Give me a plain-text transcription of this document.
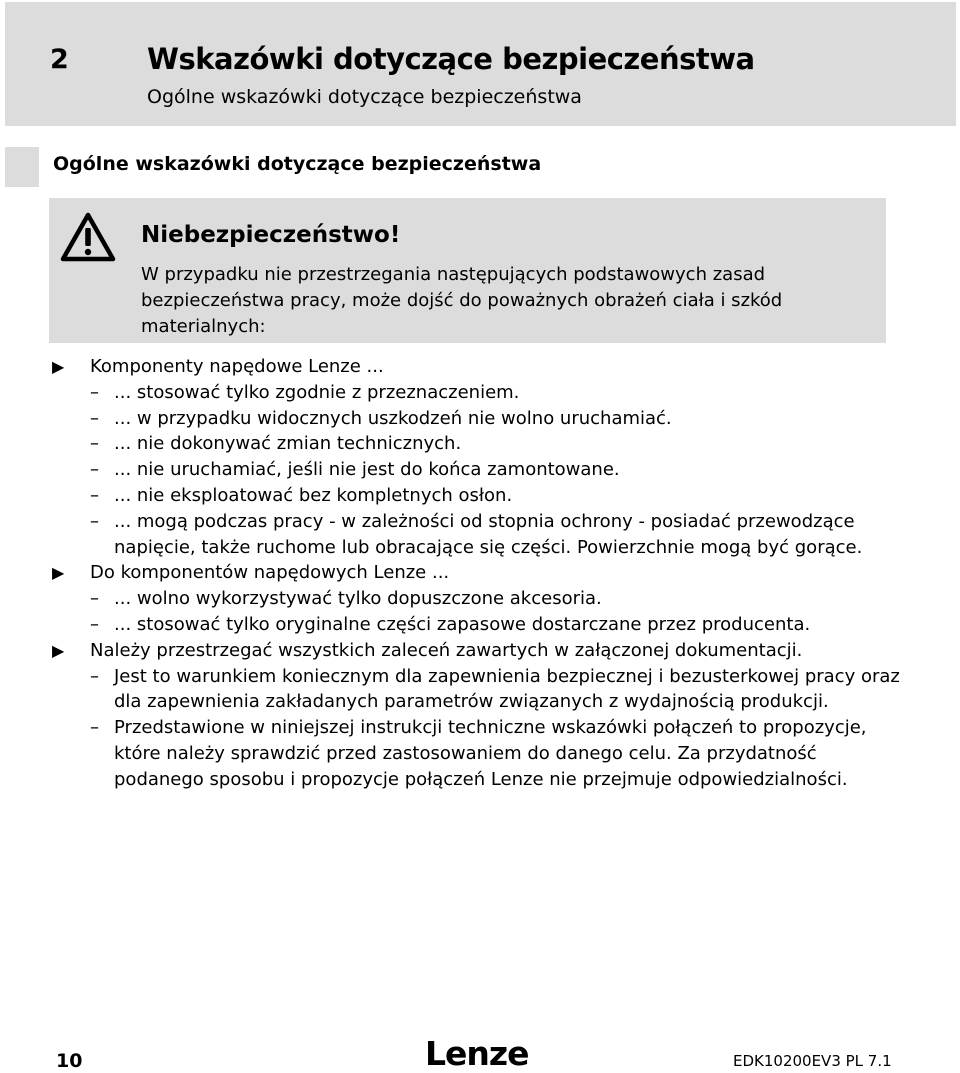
2	Wskazówki dotyczące bezpieczeństwa
Ogólne wskazówki dotyczące bezpieczeństwa
Ogólne wskazówki dotyczące bezpieczeństwa
Niebezpieczeństwo!
W przypadku nie przestrzegania następujących podstawowych zasad bezpieczeństwa pracy, może dojść do poważnych obrażeń ciała i szkód materialnych:
▶	Komponenty napędowe Lenze ...
– ... stosować tylko zgodnie z przeznaczeniem.
– ... w przypadku widocznych uszkodzeń nie wolno uruchamiać.
– ... nie dokonywać zmian technicznych.
– ... nie uruchamiać, jeśli nie jest do końca zamontowane.
– ... nie eksploatować bez kompletnych osłon.
– ... mogą podczas pracy - w zależności od stopnia ochrony - posiadać przewodzące napięcie, także ruchome lub obracające się części. Powierzchnie mogą być gorące.
▶	Do komponentów napędowych Lenze ...
– ... wolno wykorzystywać tylko dopuszczone akcesoria.
– ... stosować tylko oryginalne części zapasowe dostarczane przez producenta.
▶	Należy przestrzegać wszystkich zaleceń zawartych w załączonej dokumentacji.
– Jest to warunkiem koniecznym dla zapewnienia bezpiecznej i bezusterkowej pracy oraz dla zapewnienia zakładanych parametrów związanych z wydajnością produkcji.
– Przedstawione w niniejszej instrukcji techniczne wskazówki połączeń to propozycje, które należy sprawdzić przed zastosowaniem do danego celu. Za przydatność podanego sposobu i propozycje połączeń Lenze nie przejmuje odpowiedzialności.
10	Lenze	EDK10200EV3 PL 7.1
